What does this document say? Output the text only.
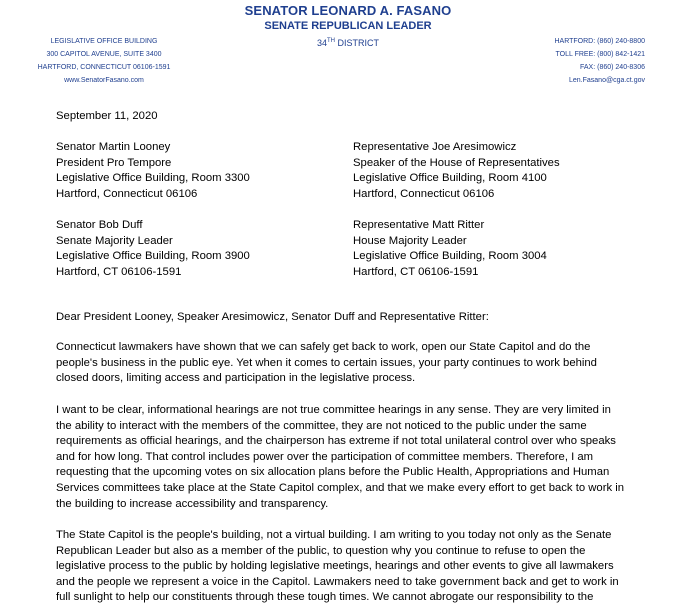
SENATOR LEONARD A. FASANO
SENATE REPUBLICAN LEADER
34TH DISTRICT
LEGISLATIVE OFFICE BUILDING
300 CAPITOL AVENUE, SUITE 3400
HARTFORD, CONNECTICUT 06106-1591
www.SenatorFasano.com
HARTFORD: (860) 240-8800
TOLL FREE: (800) 842-1421
FAX: (860) 240-8306
Len.Fasano@cga.ct.gov
September 11, 2020
Senator Martin Looney
President Pro Tempore
Legislative Office Building, Room 3300
Hartford, Connecticut 06106
Representative Joe Aresimowicz
Speaker of the House of Representatives
Legislative Office Building, Room 4100
Hartford, Connecticut 06106
Senator Bob Duff
Senate Majority Leader
Legislative Office Building, Room 3900
Hartford, CT 06106-1591
Representative Matt Ritter
House Majority Leader
Legislative Office Building, Room 3004
Hartford, CT 06106-1591
Dear President Looney, Speaker Aresimowicz, Senator Duff and Representative Ritter:
Connecticut lawmakers have shown that we can safely get back to work, open our State Capitol and do the
people's business in the public eye. Yet when it comes to certain issues, your party continues to work behind
closed doors, limiting access and participation in the legislative process.
I want to be clear, informational hearings are not true committee hearings in any sense. They are very limited in
the ability to interact with the members of the committee, they are not noticed to the public under the same
requirements as official hearings, and the chairperson has extreme if not total unilateral control over who speaks
and for how long. That control includes power over the participation of committee members. Therefore, I am
requesting that the upcoming votes on six allocation plans before the Public Health, Appropriations and Human
Services committees take place at the State Capitol complex, and that we make every effort to get back to work in
the building to increase accessibility and transparency.
The State Capitol is the people's building, not a virtual building. I am writing to you today not only as the Senate
Republican Leader but also as a member of the public, to question why you continue to refuse to open the
legislative process to the public by holding legislative meetings, hearings and other events to give all lawmakers
and the people we represent a voice in the Capitol. Lawmakers need to take government back and get to work in
full sunlight to help our constituents through these tough times. We cannot abrogate our responsibility to the
